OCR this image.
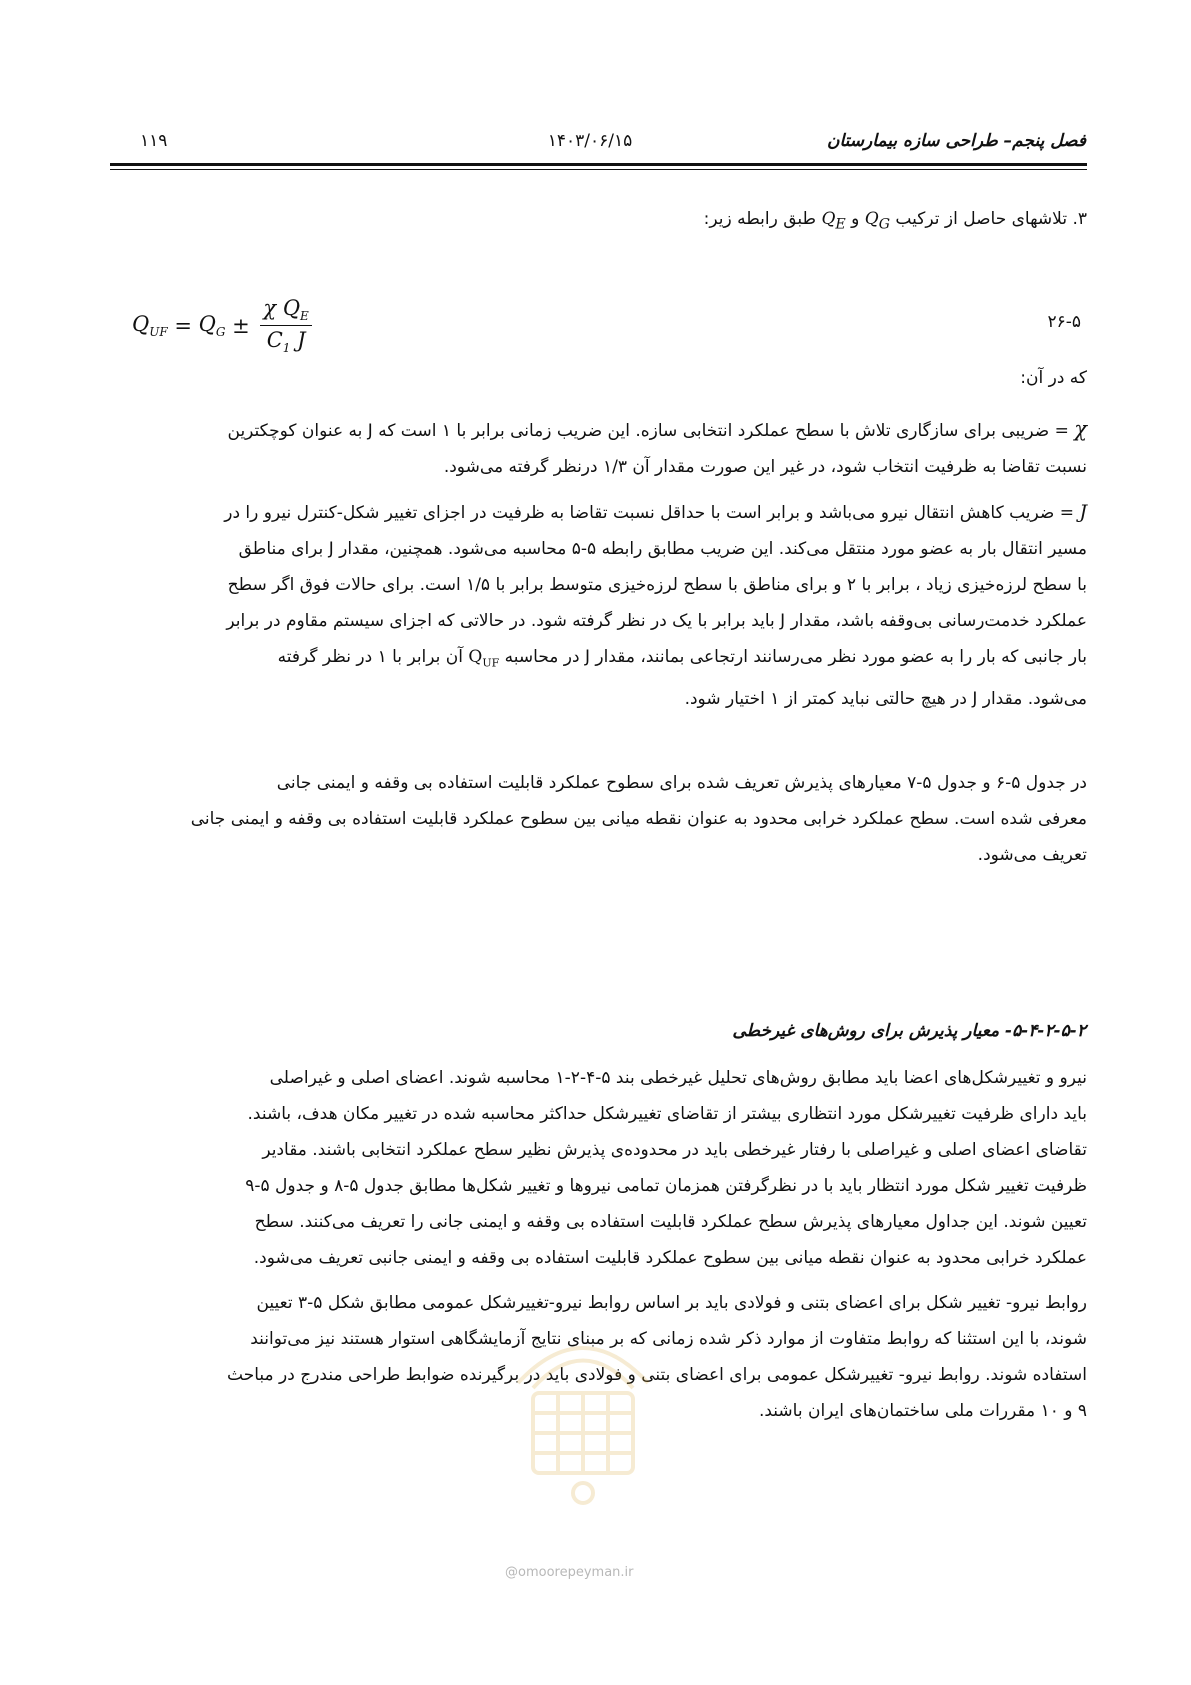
فصل پنجم– طراحی سازه بیمارستان
۱۴۰۳/۰۶/۱۵
۱۱۹
۳. تلاشهای حاصل از ترکیب $Q_G$ و $Q_E$ طبق رابطه زیر:
$Q_{UF} = Q_G \pm \frac{\chi Q_E}{C_1 J}$	۲۶-۵
که در آن:

χ = ضریبی برای سازگاری تلاش با سطح عملکرد انتخابی سازه. این ضریب زمانی برابر با ۱ است که J به عنوان کوچکترین

نسبت تقاضا به ظرفیت انتخاب شود، در غیر این صورت مقدار آن ۱/۳ درنظر گرفته می‌شود.

J = ضریب کاهش انتقال نیرو می‌باشد و برابر است با حداقل نسبت تقاضا به ظرفیت در اجزای تغییر شکل-کنترل نیرو را در

مسیر انتقال بار به عضو مورد منتقل می‌کند. این ضریب مطابق رابطه ۵-۵ محاسبه می‌شود. همچنین، مقدار J برای مناطق

با سطح لرزه‌خیزی زیاد ، برابر با ۲ و برای مناطق با سطح لرزه‌خیزی متوسط برابر با ۱/۵ است. برای حالات فوق اگر سطح

عملکرد خدمت‌رسانی بی‌وقفه باشد، مقدار J باید برابر با یک در نظر گرفته شود. در حالاتی که اجزای سیستم مقاوم در برابر

بار جانبی که بار را به عضو مورد نظر می‌رسانند ارتجاعی بمانند، مقدار J در محاسبه $Q_{UF}$ آن برابر با ۱ در نظر گرفته

می‌شود. مقدار J در هیچ حالتی نباید کمتر از ۱ اختیار شود.

در جدول ۵-۶ و جدول ۵-۷ معیارهای پذیرش تعریف شده برای سطوح عملکرد قابلیت استفاده بی وقفه و ایمنی جانی

معرفی شده است. سطح عملکرد خرابی محدود به عنوان نقطه میانی بین سطوح عملکرد قابلیت استفاده بی وقفه و ایمنی جانی

تعریف می‌شود.

۵-۴-۲-۵-۲- معیار پذیرش برای روش‌های غیرخطی

نیرو و تغییرشکل‌های اعضا باید مطابق روش‌های تحلیل غیرخطی بند ۵-۴-۲-۱ محاسبه شوند. اعضای اصلی و غیراصلی

باید دارای ظرفیت تغییرشکل مورد انتظاری بیشتر از تقاضای تغییرشکل حداکثر محاسبه شده در تغییر مکان هدف، باشند.

تقاضای اعضای اصلی و غیراصلی با رفتار غیرخطی باید در محدوده‌ی پذیرش نظیر سطح عملکرد انتخابی باشند. مقادیر

ظرفیت تغییر شکل مورد انتظار باید با در نظرگرفتن همزمان تمامی نیروها و تغییر شکل‌ها مطابق جدول ۵-۸ و جدول ۵-۹

تعیین شوند. این جداول معیارهای پذیرش سطح عملکرد قابلیت استفاده بی وقفه و ایمنی جانی را تعریف می‌کنند. سطح

عملکرد خرابی محدود به عنوان نقطه میانی بین سطوح عملکرد قابلیت استفاده بی وقفه و ایمنی جانبی تعریف می‌شود.

روابط نیرو- تغییر شکل برای اعضای بتنی و فولادی باید بر اساس روابط نیرو-تغییرشکل عمومی مطابق شکل ۵-۳ تعیین

شوند، با این استثنا که روابط متفاوت از موارد ذکر شده زمانی که بر مبنای نتایج آزمایشگاهی استوار هستند نیز می‌توانند

استفاده شوند. روابط نیرو- تغییرشکل عمومی برای اعضای بتنی و فولادی باید در برگیرنده ضوابط طراحی مندرج در مباحث

۹ و ۱۰ مقررات ملی ساختمان‌های ایران باشند.

@omoorepeyman.ir
